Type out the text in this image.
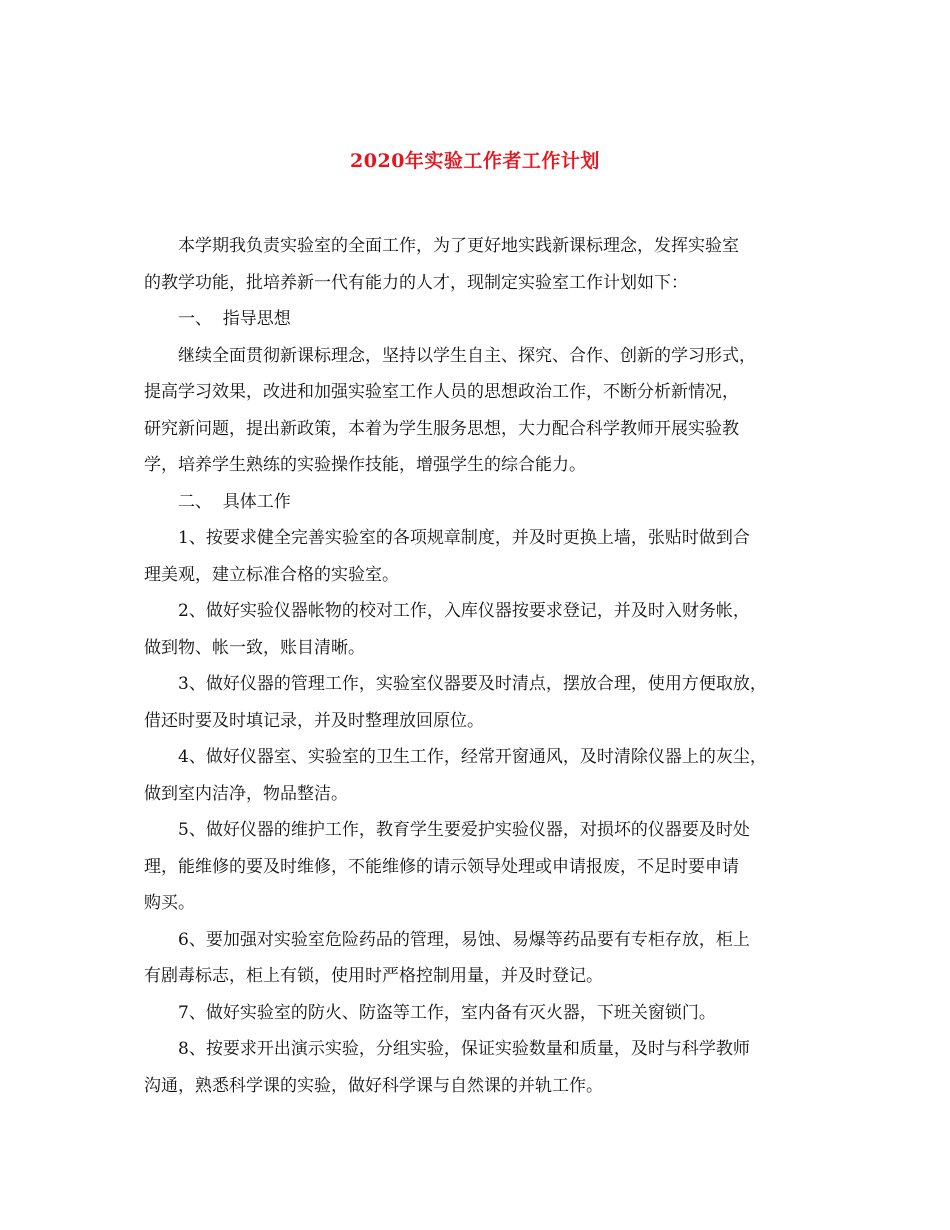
2020年实验工作者工作计划

本学期我负责实验室的全面工作，为了更好地实践新课标理念，发挥实验室
的教学功能，批培养新一代有能力的人才，现制定实验室工作计划如下：

一、  指导思想

继续全面贯彻新课标理念，坚持以学生自主、探究、合作、创新的学习形式，
提高学习效果，改进和加强实验室工作人员的思想政治工作，不断分析新情况，
研究新问题，提出新政策，本着为学生服务思想，大力配合科学教师开展实验教
学，培养学生熟练的实验操作技能，增强学生的综合能力。

二、  具体工作

1、按要求健全完善实验室的各项规章制度，并及时更换上墙，张贴时做到合
理美观，建立标准合格的实验室。

2、做好实验仪器帐物的校对工作，入库仪器按要求登记，并及时入财务帐，
做到物、帐一致，账目清晰。

3、做好仪器的管理工作，实验室仪器要及时清点，摆放合理，使用方便取放，
借还时要及时填记录，并及时整理放回原位。

4、做好仪器室、实验室的卫生工作，经常开窗通风，及时清除仪器上的灰尘，
做到室内洁净，物品整洁。

5、做好仪器的维护工作，教育学生要爱护实验仪器，对损坏的仪器要及时处
理，能维修的要及时维修，不能维修的请示领导处理或申请报废，不足时要申请
购买。

6、要加强对实验室危险药品的管理，易蚀、易爆等药品要有专柜存放，柜上
有剧毒标志，柜上有锁，使用时严格控制用量，并及时登记。

7、做好实验室的防火、防盗等工作，室内备有灭火器，下班关窗锁门。

8、按要求开出演示实验，分组实验，保证实验数量和质量，及时与科学教师
沟通，熟悉科学课的实验，做好科学课与自然课的并轨工作。
